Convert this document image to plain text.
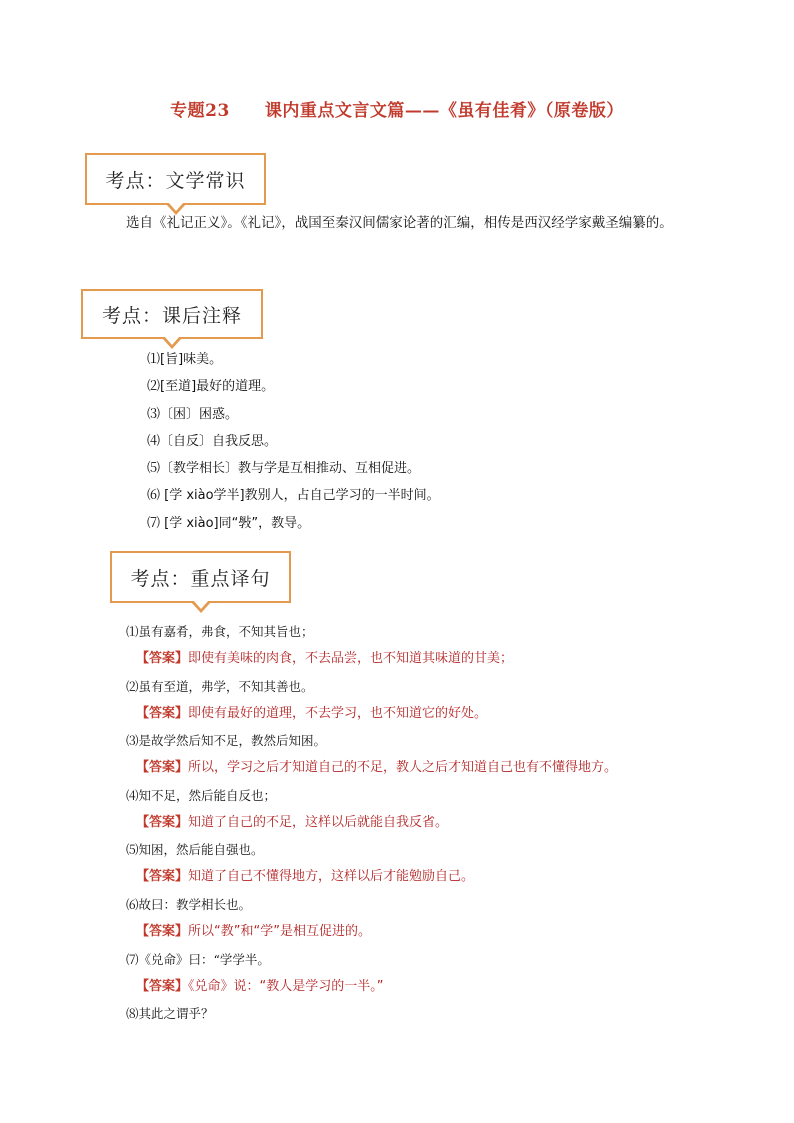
专题23　　课内重点文言文篇——《虽有佳肴》（原卷版）
考点：文学常识
选自《礼记正义》。《礼记》，战国至秦汉间儒家论著的汇编，相传是西汉经学家戴圣编纂的。
考点：课后注释
⑴[旨]味美。
⑵[至道]最好的道理。
⑶〔困〕困惑。
⑷〔自反〕自我反思。
⑸〔教学相长〕教与学是互相推动、互相促进。
⑹ [学 xiào学半]教别人，占自己学习的一半时间。
⑺ [学 xiào]同“斅”，教导。
考点：重点译句
⑴虽有嘉肴，弗食，不知其旨也；
【答案】即使有美味的肉食，不去品尝，也不知道其味道的甘美；
⑵虽有至道，弗学，不知其善也。
【答案】即使有最好的道理，不去学习，也不知道它的好处。
⑶是故学然后知不足，教然后知困。
【答案】所以，学习之后才知道自己的不足，教人之后才知道自己也有不懂得地方。
⑷知不足，然后能自反也；
【答案】知道了自己的不足，这样以后就能自我反省。
⑸知困，然后能自强也。
【答案】知道了自己不懂得地方，这样以后才能勉励自己。
⑹故曰：教学相长也。
【答案】所以“教”和“学”是相互促进的。
⑺《兑命》曰：“学学半。
【答案】《兑命》说：“教人是学习的一半。”
⑻其此之谓乎？
